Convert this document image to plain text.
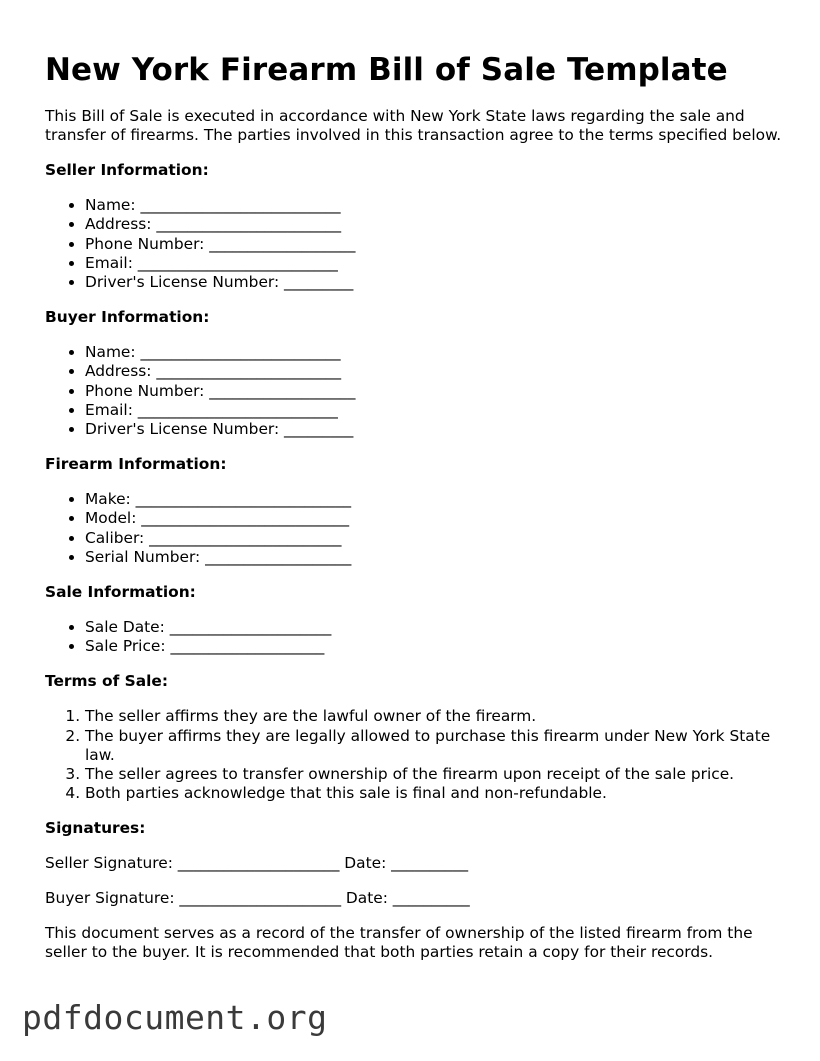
New York Firearm Bill of Sale Template

This Bill of Sale is executed in accordance with New York State laws regarding the sale and transfer of firearms. The parties involved in this transaction agree to the terms specified below.

Seller Information:
• Name: __________________________
• Address: ________________________
• Phone Number: ___________________
• Email: __________________________
• Driver's License Number: _________
Buyer Information:
• Name: __________________________
• Address: ________________________
• Phone Number: ___________________
• Email: __________________________
• Driver's License Number: _________
Firearm Information:
• Make: ____________________________
• Model: ___________________________
• Caliber: _________________________
• Serial Number: ___________________
Sale Information:
• Sale Date: _____________________
• Sale Price: ____________________
Terms of Sale:
1. The seller affirms they are the lawful owner of the firearm.
2. The buyer affirms they are legally allowed to purchase this firearm under New York State law.
3. The seller agrees to transfer ownership of the firearm upon receipt of the sale price.
4. Both parties acknowledge that this sale is final and non-refundable.
Signatures:

Seller Signature: _____________________ Date: __________

Buyer Signature: _____________________ Date: __________

This document serves as a record of the transfer of ownership of the listed firearm from the seller to the buyer. It is recommended that both parties retain a copy for their records.

pdfdocument.org
